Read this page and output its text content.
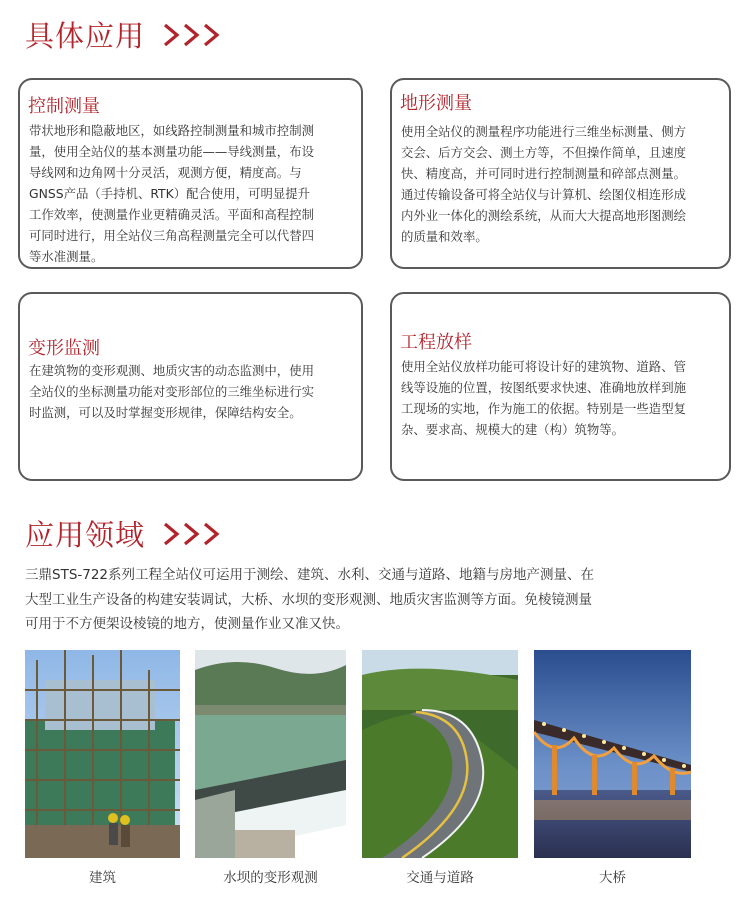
具体应用
控制测量
带状地形和隐蔽地区，如线路控制测量和城市控制测
量，使用全站仪的基本测量功能——导线测量，布设
导线网和边角网十分灵活，观测方便，精度高。与
GNSS产品（手持机、RTK）配合使用，可明显提升
工作效率，使测量作业更精确灵活。平面和高程控制
可同时进行，用全站仪三角高程测量完全可以代替四
等水准测量。
地形测量
使用全站仪的测量程序功能进行三维坐标测量、侧方
交会、后方交会、测土方等，不但操作简单，且速度
快、精度高，并可同时进行控制测量和碎部点测量。
通过传输设备可将全站仪与计算机、绘图仪相连形成
内外业一体化的测绘系统，从而大大提高地形图测绘
的质量和效率。
变形监测
在建筑物的变形观测、地质灾害的动态监测中，使用
全站仪的坐标测量功能对变形部位的三维坐标进行实
时监测，可以及时掌握变形规律，保障结构安全。
工程放样
使用全站仪放样功能可将设计好的建筑物、道路、管
线等设施的位置，按图纸要求快速、准确地放样到施
工现场的实地，作为施工的依据。特别是一些造型复
杂、要求高、规模大的建（构）筑物等。
应用领域
三鼎STS-722系列工程全站仪可运用于测绘、建筑、水利、交通与道路、地籍与房地产测量、在
大型工业生产设备的构建安装调试，大桥、水坝的变形观测、地质灾害监测等方面。免棱镜测量
可用于不方便架设棱镜的地方，使测量作业又准又快。
建筑	水坝的变形观测	交通与道路	大桥
